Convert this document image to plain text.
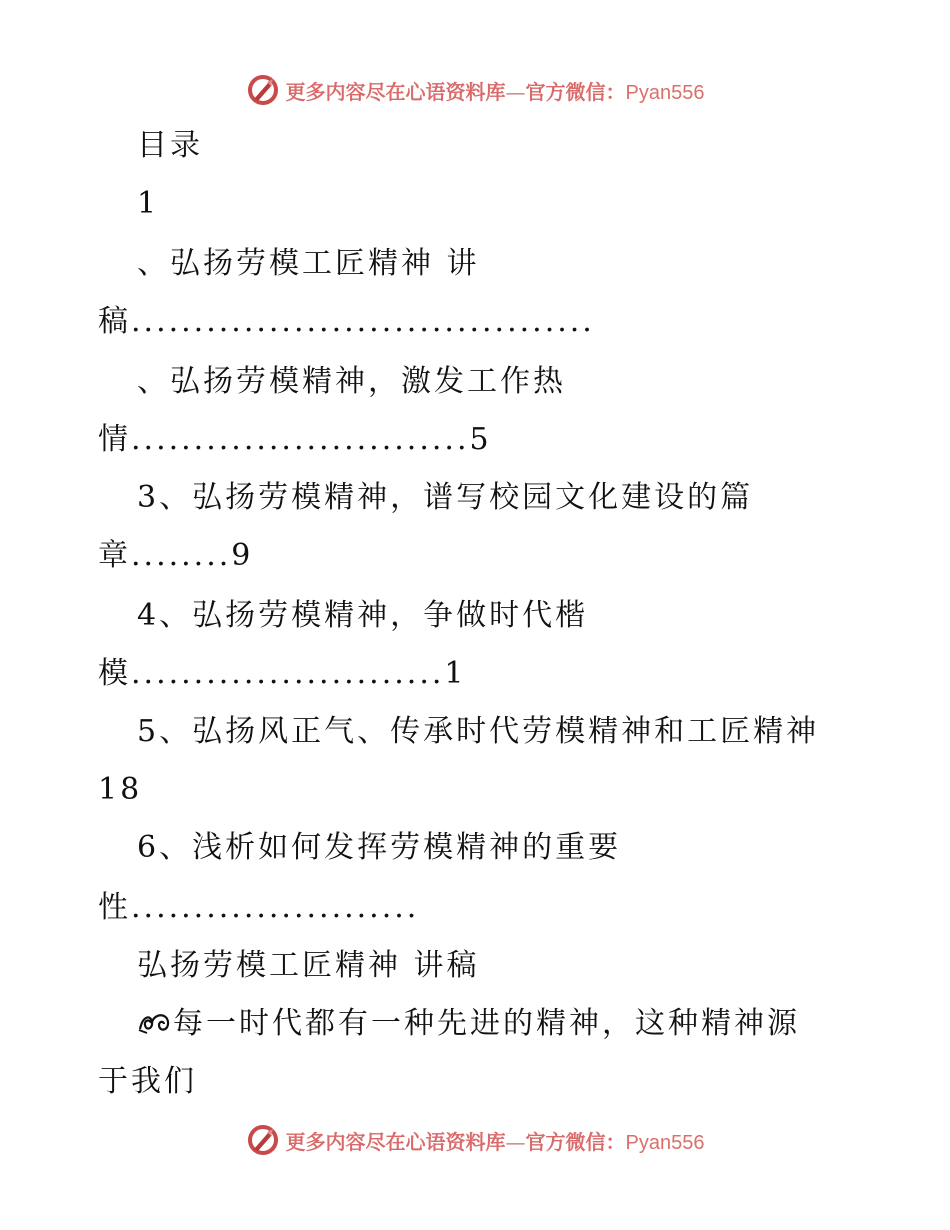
更多内容尽在心语资料库—官方微信：Pyan556
目录
1
、弘扬劳模工匠精神 讲
稿.....................................
、弘扬劳模精神，激发工作热
情...........................5
3、弘扬劳模精神，谱写校园文化建设的篇
章........9
4、弘扬劳模精神，争做时代楷
模.........................1
5、弘扬风正气、传承时代劳模精神和工匠精神
18
6、浅析如何发挥劳模精神的重要
性.......................
弘扬劳模工匠精神 讲稿
每一时代都有一种先进的精神，这种精神源
于我们
更多内容尽在心语资料库—官方微信：Pyan556
